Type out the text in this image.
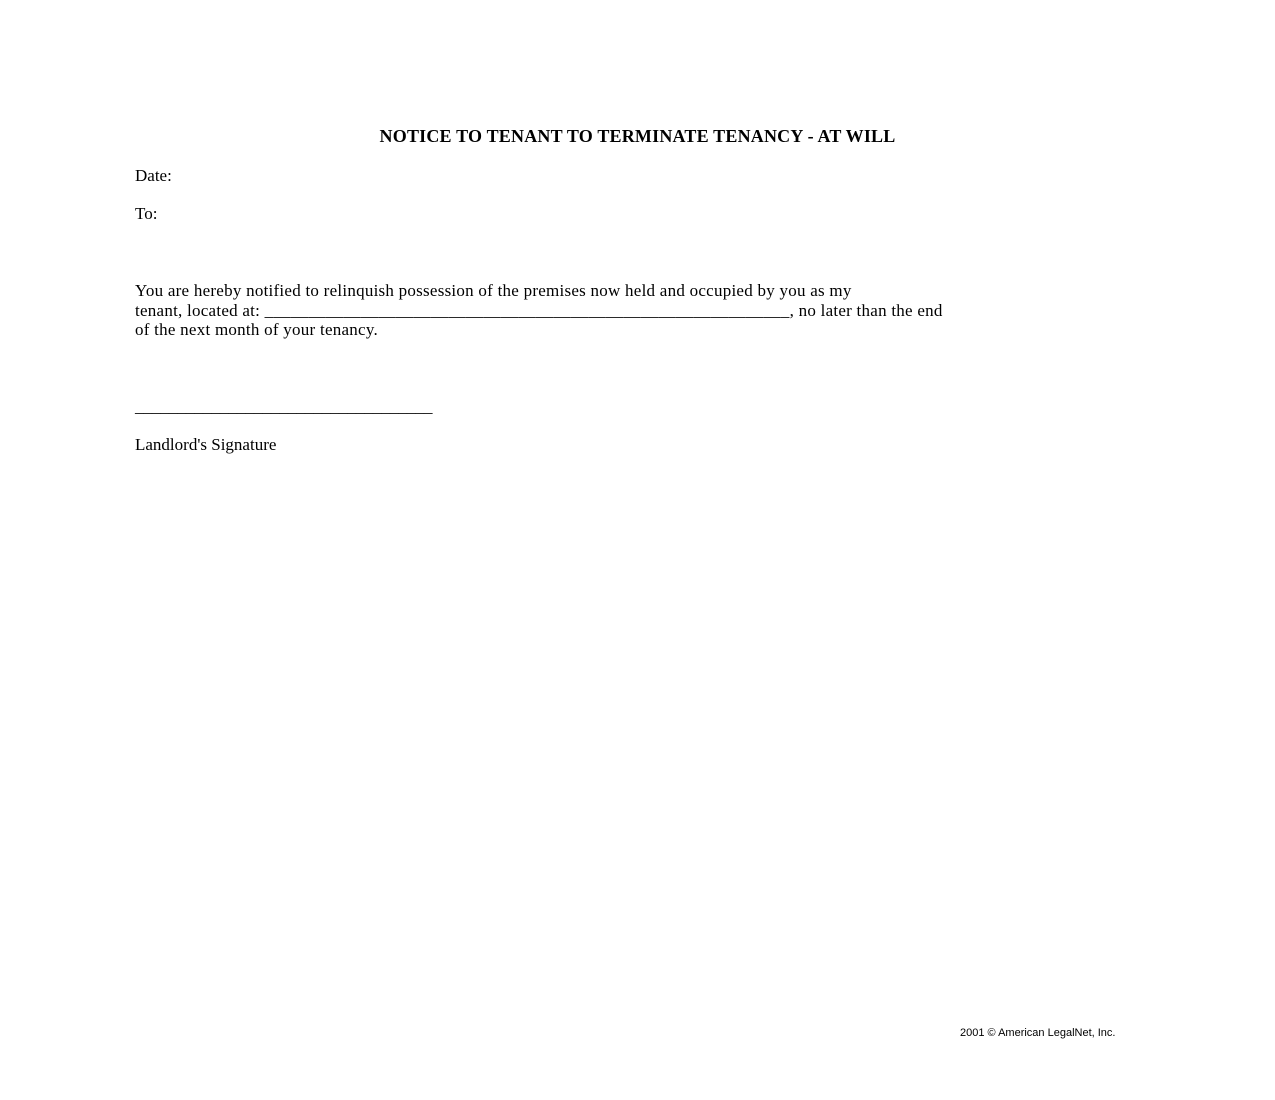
NOTICE TO TENANT TO TERMINATE TENANCY - AT WILL
Date:
To:
You are hereby notified to relinquish possession of the premises now held and occupied by you as my
tenant, located at: ____________________________________________________________, no later than the end
of the next month of your tenancy.
___________________________________
Landlord's Signature
2001 © American LegalNet, Inc.
